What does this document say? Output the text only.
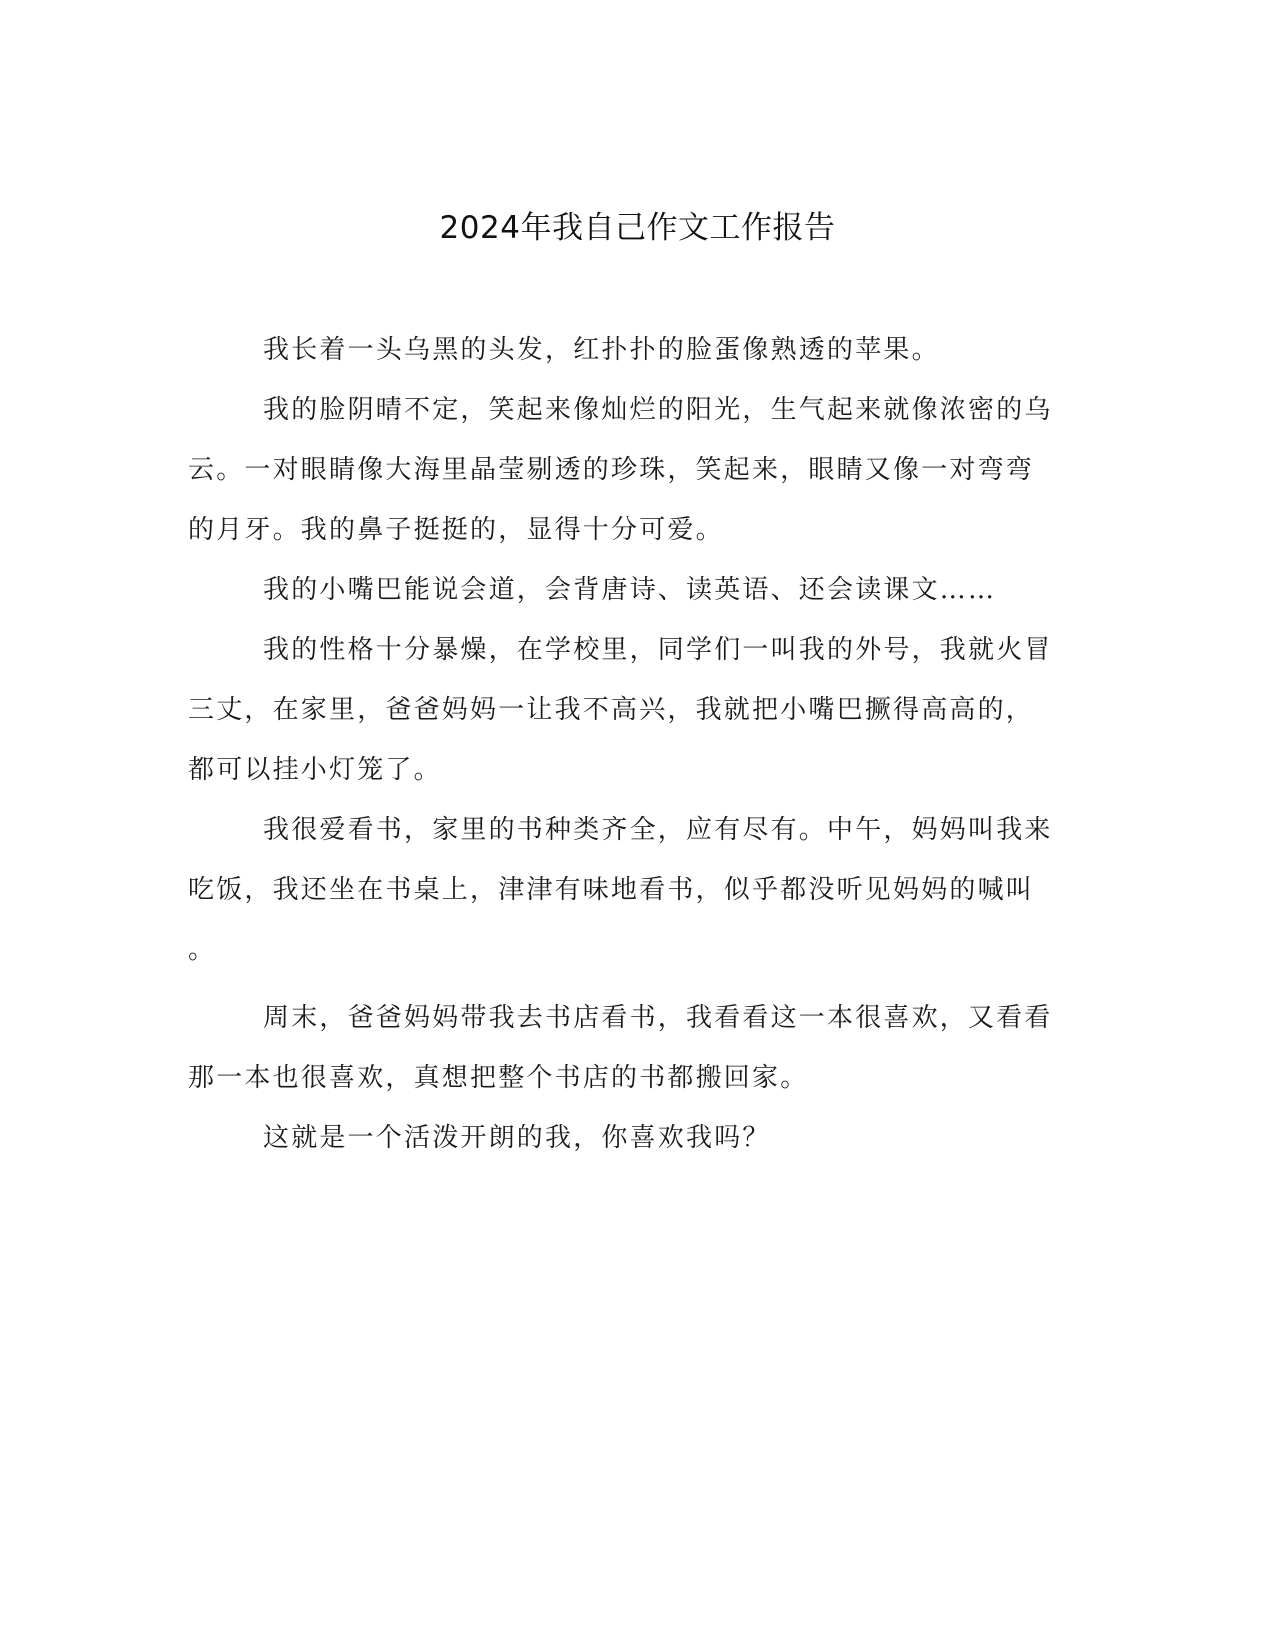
2024年我自己作文工作报告
我长着一头乌黑的头发，红扑扑的脸蛋像熟透的苹果。
我的脸阴晴不定，笑起来像灿烂的阳光，生气起来就像浓密的乌
云。一对眼睛像大海里晶莹剔透的珍珠，笑起来，眼睛又像一对弯弯
的月牙。我的鼻子挺挺的，显得十分可爱。
我的小嘴巴能说会道，会背唐诗、读英语、还会读课文……
我的性格十分暴燥，在学校里，同学们一叫我的外号，我就火冒
三丈，在家里，爸爸妈妈一让我不高兴，我就把小嘴巴撅得高高的，
都可以挂小灯笼了。
我很爱看书，家里的书种类齐全，应有尽有。中午，妈妈叫我来
吃饭，我还坐在书桌上，津津有味地看书，似乎都没听见妈妈的喊叫
。
周末，爸爸妈妈带我去书店看书，我看看这一本很喜欢，又看看
那一本也很喜欢，真想把整个书店的书都搬回家。
这就是一个活泼开朗的我，你喜欢我吗？
